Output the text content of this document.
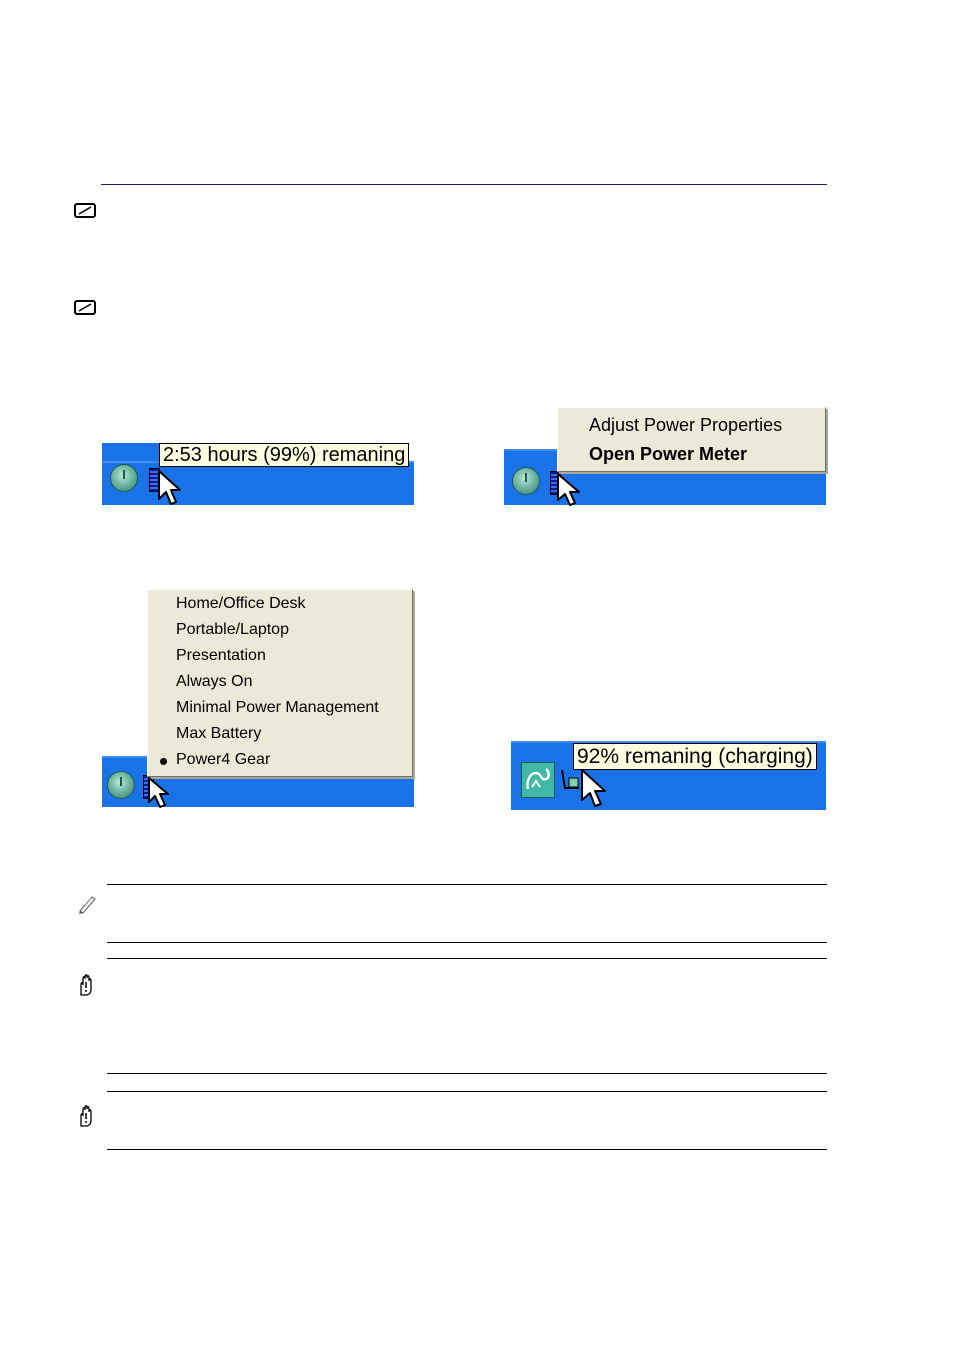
2:53 hours (99%) remaning
Adjust Power Properties
Open Power Meter
Home/Office Desk
Portable/Laptop
Presentation
Always On
Minimal Power Management
Max Battery
Power4 Gear	92% remaning (charging)
